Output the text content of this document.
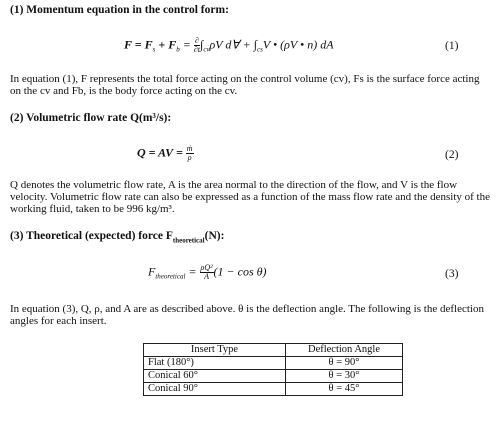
(1) Momentum equation in the control form:
$F = F_s + F_b = \frac{\partial}{\partial t} \int_{cv}\rho V$ d∀ + $\int_{cs}V$ • (ρV • n) dA	(1)
In equation (1), F represents the total force acting on the control volume (cv), Fs is the surface force acting on the cv and Fb, is the body force acting on the cv.
(2) Volumetric flow rate Q(m³/s):
Q = AV = $\frac{\text{ṁ}}{\rho}$	(2)
Q denotes the volumetric flow rate, A is the area normal to the direction of the flow, and V is the flow velocity. Volumetric flow rate can also be expressed as a function of the mass flow rate and the density of the working fluid, taken to be 996 kg/m³.
(3) Theoretical (expected) force $F_{theoretical}(N)$:
$F_{theoretical} = \frac{\text{ρQ²}}{A} (1 - \cos \theta)$	(3)
In equation (3), Q, ρ, and A are as described above. θ is the deflection angle. The following is the deflection angles for each insert.
Insert Type	Deflection Angle
Flat (180°)	θ = 90°
Conical 60°	θ = 30°
Conical 90°	θ = 45°
